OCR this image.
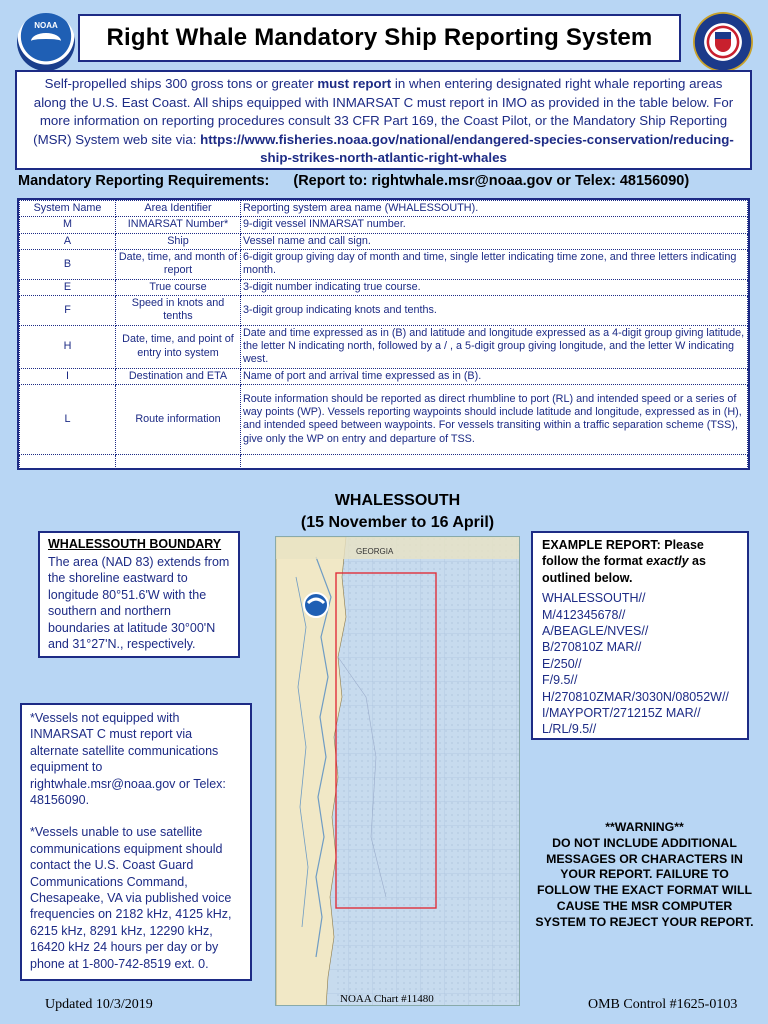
NOAA	Right Whale Mandatory Ship Reporting System
Self-propelled ships 300 gross tons or greater must report in when entering designated right whale reporting areas along the U.S. East Coast. All ships equipped with INMARSAT C must report in IMO as provided in the table below. For more information on reporting procedures consult 33 CFR Part 169, the Coast Pilot, or the Mandatory Ship Reporting (MSR) System web site via: https://www.fisheries.noaa.gov/national/endangered-species-conservation/reducing-ship-strikes-north-atlantic-right-whales
Mandatory Reporting Requirements: (Report to: rightwhale.msr@noaa.gov or Telex: 48156090)
System Name	Area Identifier	Reporting system area name (WHALESSOUTH).
M	INMARSAT Number*	9-digit vessel INMARSAT number.
A	Ship	Vessel name and call sign.
B	Date, time, and month of report	6-digit group giving day of month and time, single letter indicating time zone, and three letters indicating month.
E	True course	3-digit number indicating true course.
F	Speed in knots and tenths	3-digit group indicating knots and tenths.
H	Date, time, and point of entry into system	Date and time expressed as in (B) and latitude and longitude expressed as a 4-digit group giving latitude, the letter N indicating north, followed by a / , a 5-digit group giving longitude, and the letter W indicating west.
I	Destination and ETA	Name of port and arrival time expressed as in (B).
L	Route information	Route information should be reported as direct rhumbline to port (RL) and intended speed or a series of way points (WP). Vessels reporting waypoints should include latitude and longitude, expressed as in (H), and intended speed between waypoints. For vessels transiting within a traffic separation scheme (TSS), give only the WP on entry and departure of TSS.

WHALESSOUTH
(15 November to 16 April)
WHALESSOUTH BOUNDARY
The area (NAD 83) extends from the shoreline eastward to longitude 80°51.6'W with the southern and northern boundaries at latitude 30°00'N and 31°27'N., respectively.

*Vessels not equipped with INMARSAT C must report via alternate satellite communications equipment to rightwhale.msr@noaa.gov or Telex: 48156090.

*Vessels unable to use satellite communications equipment should contact the U.S. Coast Guard Communications Command, Chesapeake, VA via published voice frequencies on 2182 kHz, 4125 kHz, 6215 kHz, 8291 kHz, 12290 kHz, 16420 kHz 24 hours per day or by phone at 1-800-742-8519 ext. 0.

GEORGIA	EXAMPLE REPORT: Please follow the format exactly as outlined below.
WHALESSOUTH//
M/412345678//
A/BEAGLE/NVES//
B/270810Z MAR//
E/250//
F/9.5//
H/270810ZMAR/3030N/08052W//
I/MAYPORT/271215Z MAR//
L/RL/9.5//
**WARNING**
DO NOT INCLUDE ADDITIONAL MESSAGES OR CHARACTERS IN YOUR REPORT. FAILURE TO FOLLOW THE EXACT FORMAT WILL CAUSE THE MSR COMPUTER SYSTEM TO REJECT YOUR REPORT.
Updated 10/3/2019	NOAA Chart #11480	OMB Control #1625-0103
